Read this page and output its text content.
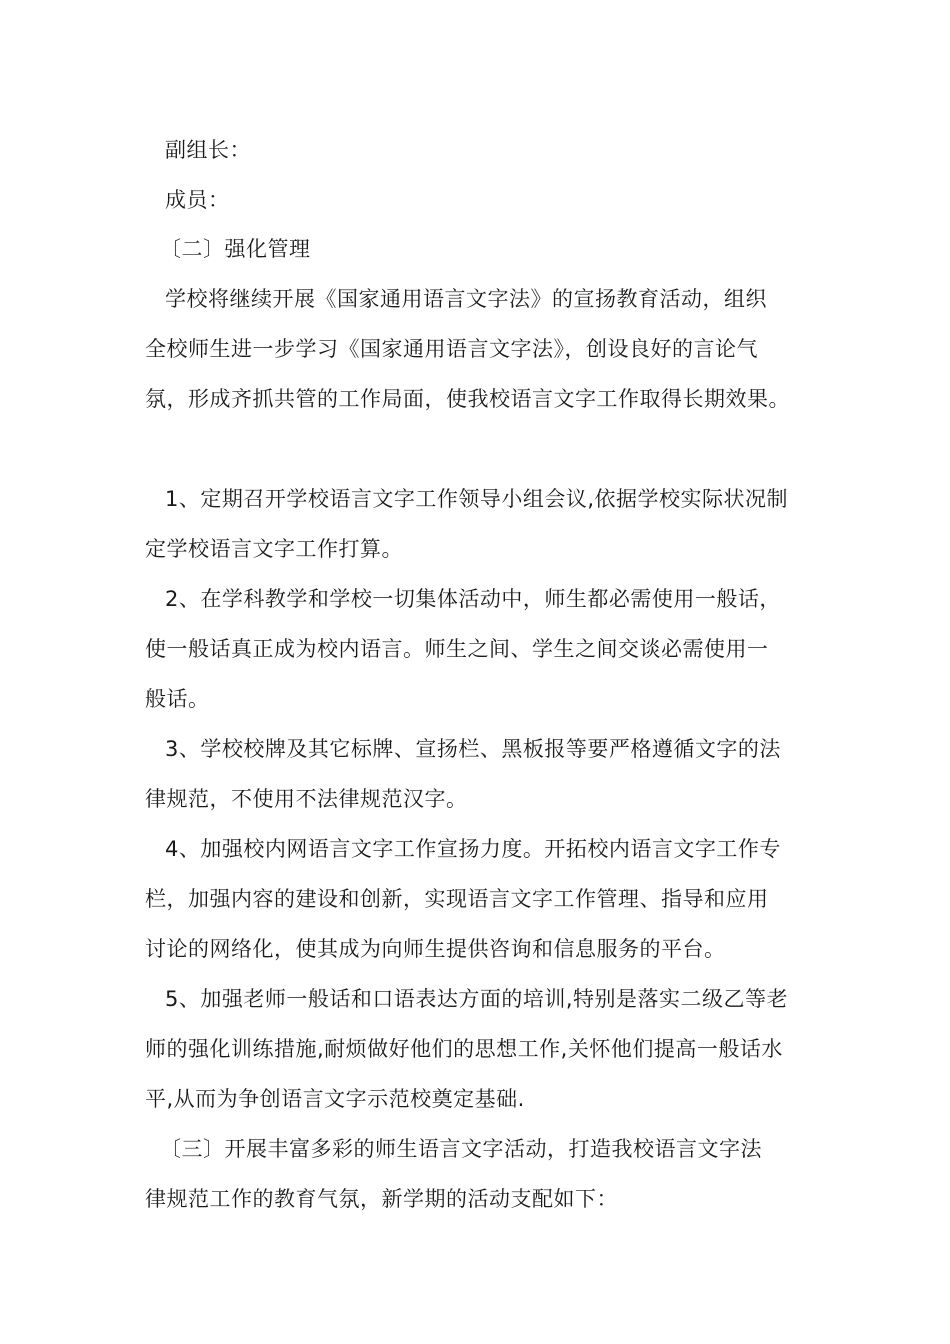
副组长：

成员：

〔二〕强化管理

学校将继续开展《国家通用语言文字法》的宣扬教育活动，组织

全校师生进一步学习《国家通用语言文字法》，创设良好的言论气

氛，形成齐抓共管的工作局面，使我校语言文字工作取得长期效果。

1、定期召开学校语言文字工作领导小组会议,依据学校实际状况制

定学校语言文字工作打算。

2、在学科教学和学校一切集体活动中，师生都必需使用一般话，

使一般话真正成为校内语言。师生之间、学生之间交谈必需使用一

般话。

3、学校校牌及其它标牌、宣扬栏、黑板报等要严格遵循文字的法

律规范，不使用不法律规范汉字。

4、加强校内网语言文字工作宣扬力度。开拓校内语言文字工作专

栏，加强内容的建设和创新，实现语言文字工作管理、指导和应用

讨论的网络化，使其成为向师生提供咨询和信息服务的平台。

5、加强老师一般话和口语表达方面的培训,特别是落实二级乙等老

师的强化训练措施,耐烦做好他们的思想工作,关怀他们提高一般话水

平,从而为争创语言文字示范校奠定基础.

〔三〕开展丰富多彩的师生语言文字活动，打造我校语言文字法

律规范工作的教育气氛，新学期的活动支配如下：
